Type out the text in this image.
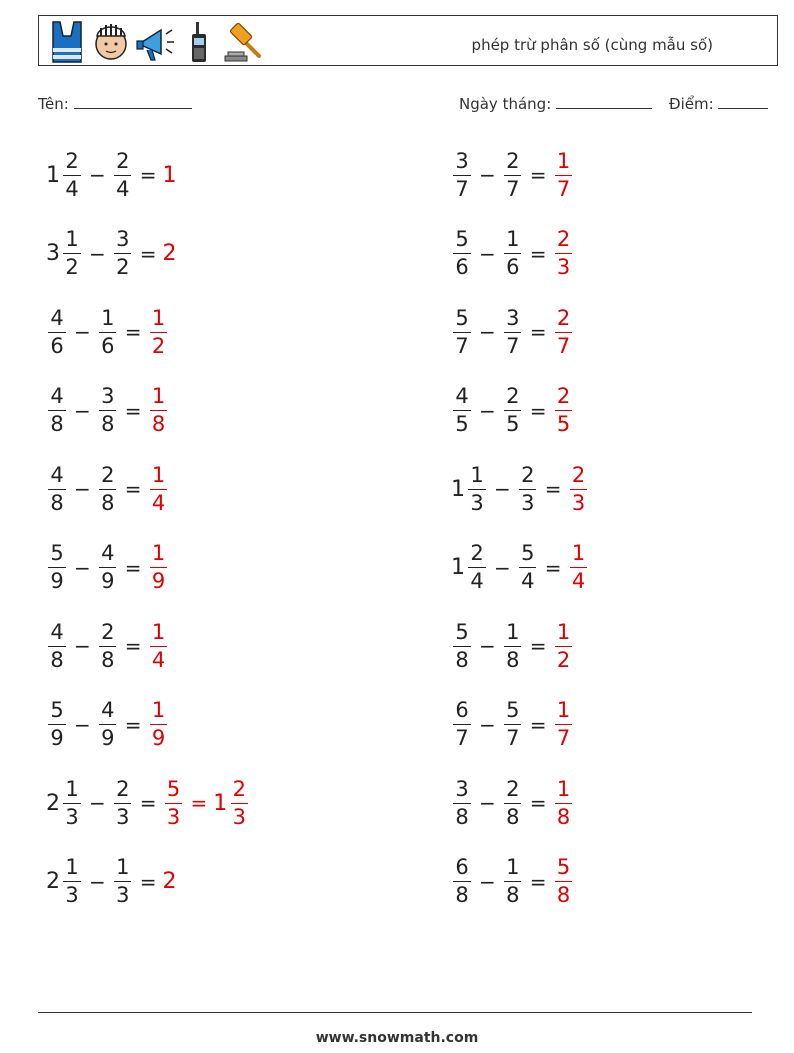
phép trừ phân số (cùng mẫu số)
Tên:	Ngày tháng:	Điểm:
$1 \frac{2}{4} - \frac{2}{4} = 1$	$\frac{3}{7} - \frac{2}{7} = \frac{1}{7}$
$3 \frac{1}{2} - \frac{3}{2} = 2$	$\frac{5}{6} - \frac{1}{6} = \frac{2}{3}$
$\frac{4}{6} - \frac{1}{6} = \frac{1}{2}$	$\frac{5}{7} - \frac{3}{7} = \frac{2}{7}$
$\frac{4}{8} - \frac{3}{8} = \frac{1}{8}$	$\frac{4}{5} - \frac{2}{5} = \frac{2}{5}$
$\frac{4}{8} - \frac{2}{8} = \frac{1}{4}$	$1 \frac{1}{3} - \frac{2}{3} = \frac{2}{3}$
$\frac{5}{9} - \frac{4}{9} = \frac{1}{9}$	$1 \frac{2}{4} - \frac{5}{4} = \frac{1}{4}$
$\frac{4}{8} - \frac{2}{8} = \frac{1}{4}$	$\frac{5}{8} - \frac{1}{8} = \frac{1}{2}$
$\frac{5}{9} - \frac{4}{9} = \frac{1}{9}$	$\frac{6}{7} - \frac{5}{7} = \frac{1}{7}$
$2 \frac{1}{3} - \frac{2}{3} = \frac{5}{3} = 1 \frac{2}{3}$	$\frac{3}{8} - \frac{2}{8} = \frac{1}{8}$
$2 \frac{1}{3} - \frac{1}{3} = 2$	$\frac{6}{8} - \frac{1}{8} = \frac{5}{8}$
www.snowmath.com
